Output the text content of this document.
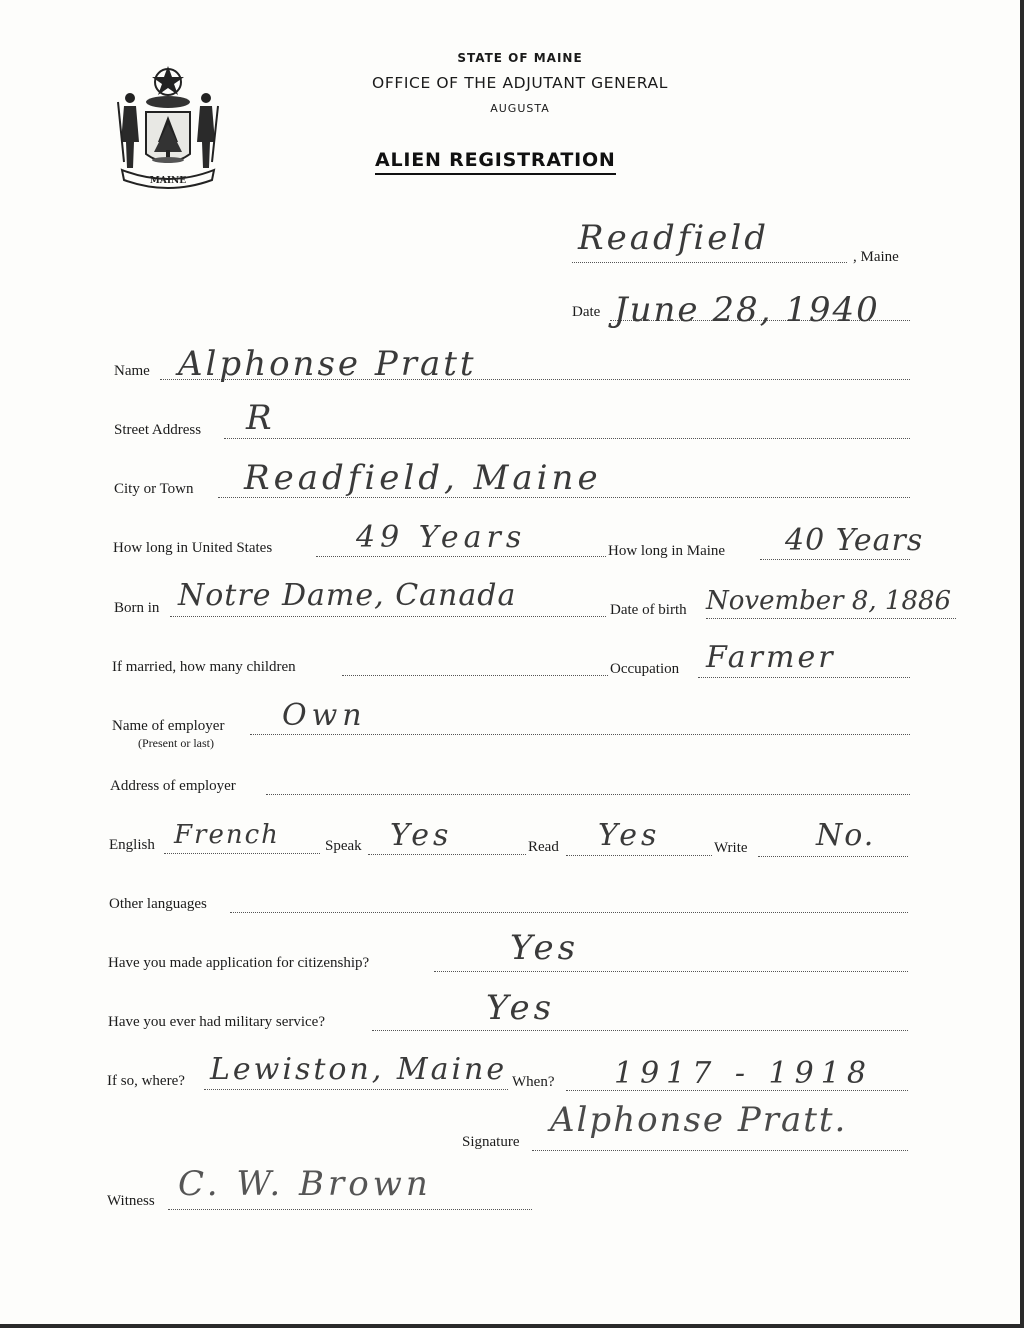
MAINE
STATE OF MAINE
OFFICE OF THE ADJUTANT GENERAL
AUGUSTA
ALIEN REGISTRATION
Readfield	, Maine
Date June 28, 1940
Name Alphonse Pratt
Street Address R
City or Town Readfield, Maine
How long in United States	49 Years	How long in Maine 40 Years
Born in Notre Dame, Canada	Date of birth November 8, 1886
If married, how many children	Occupation Farmer
Name of employer
(Present or last)
Own
Address of employer
English French	Speak Yes	Read Yes	Write No.
Other languages
Have you made application for citizenship?	Yes
Have you ever had military service?	Yes
If so, where? Lewiston, Maine When? 1917 - 1918
Signature
Alphonse Pratt.
Witness C. W. Brown
